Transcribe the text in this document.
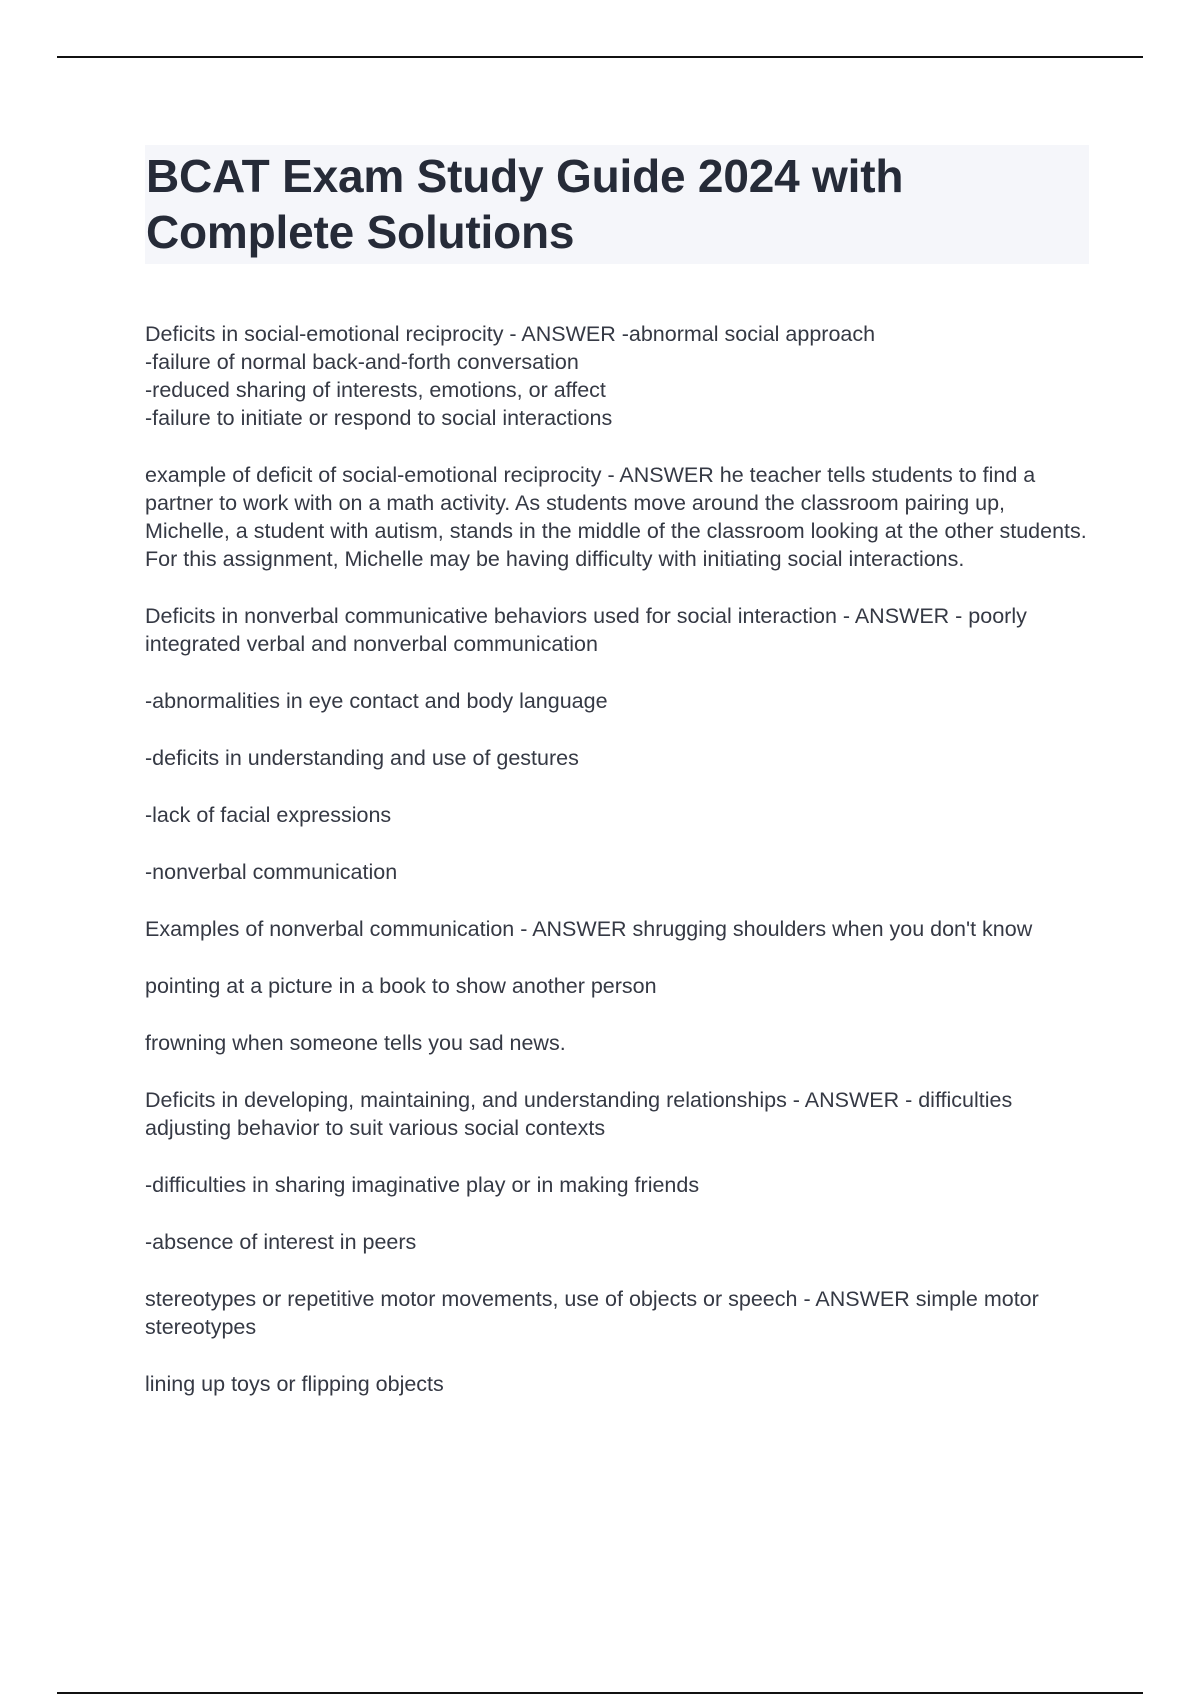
BCAT Exam Study Guide 2024 with Complete Solutions

Deficits in social-emotional reciprocity - ANSWER -abnormal social approach
-failure of normal back-and-forth conversation
-reduced sharing of interests, emotions, or affect
-failure to initiate or respond to social interactions

example of deficit of social-emotional reciprocity - ANSWER he teacher tells students to find a partner to work with on a math activity. As students move around the classroom pairing up, Michelle, a student with autism, stands in the middle of the classroom looking at the other students. For this assignment, Michelle may be having difficulty with initiating social interactions.

Deficits in nonverbal communicative behaviors used for social interaction - ANSWER - poorly integrated verbal and nonverbal communication

-abnormalities in eye contact and body language

-deficits in understanding and use of gestures

-lack of facial expressions

-nonverbal communication

Examples of nonverbal communication - ANSWER shrugging shoulders when you don't know

pointing at a picture in a book to show another person

frowning when someone tells you sad news.

Deficits in developing, maintaining, and understanding relationships - ANSWER - difficulties adjusting behavior to suit various social contexts

-difficulties in sharing imaginative play or in making friends

-absence of interest in peers

stereotypes or repetitive motor movements, use of objects or speech - ANSWER simple motor stereotypes

lining up toys or flipping objects
